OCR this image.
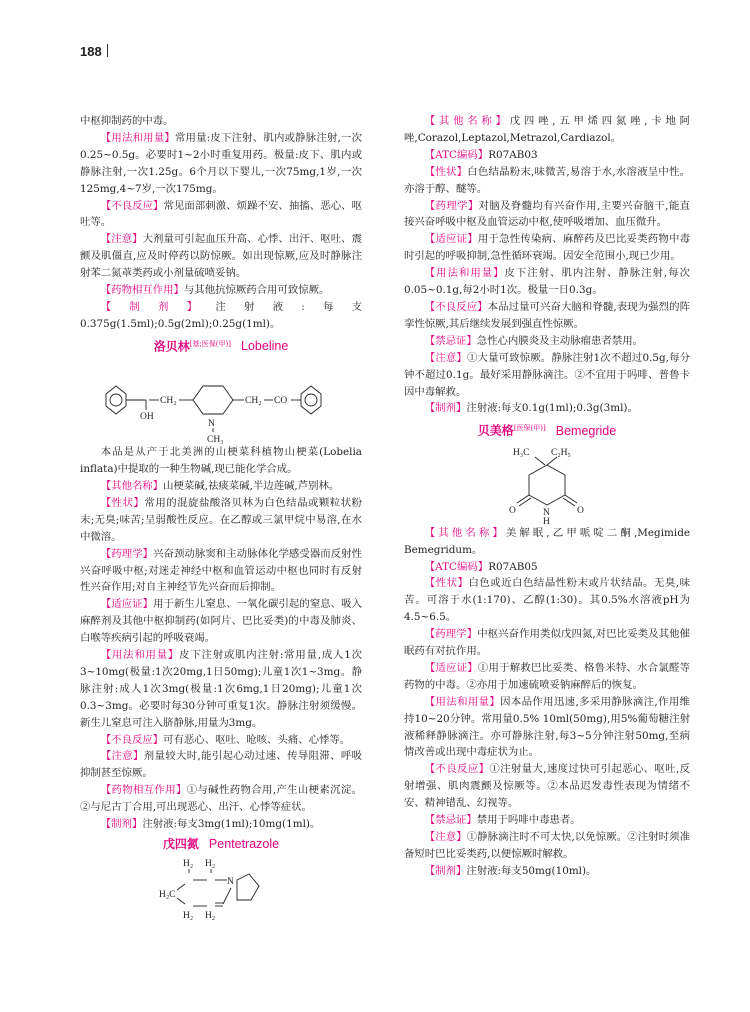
188

中枢抑制药的中毒。

【用法和用量】常用量:皮下注射、肌内或静脉注射,一次0.25~0.5g。必要时1~2小时重复用药。极量:皮下、肌内或静脉注射,一次1.25g。6个月以下婴儿,一次75mg,1岁,一次125mg,4~7岁,一次175mg。

【不良反应】常见面部刺激、烦躁不安、抽搐、恶心、呕吐等。

【注意】大剂量可引起血压升高、心悸、出汗、呕吐、震颤及肌僵直,应及时停药以防惊厥。如出现惊厥,应及时静脉注射苯二氮䓬类药或小剂量硫喷妥钠。

【药物相互作用】与其他抗惊厥药合用可致惊厥。

【制剂】注射液:每支0.375g(1.5ml);0.5g(2ml);0.25g(1ml)。

洛贝林[基;医保(甲)] Lobeline
OH
CH₂
N
CH₃
CH₂ CO

本品是从产于北美洲的山梗菜科植物山梗菜(Lobelia inflata)中提取的一种生物碱,现已能化学合成。

【其他名称】山梗菜碱,祛痰菜碱,半边莲碱,芦别林。

【性状】常用的混旋盐酸洛贝林为白色结晶或颗粒状粉末;无臭;味苦;呈弱酸性反应。在乙醇或三氯甲烷中易溶,在水中微溶。

【药理学】兴奋颈动脉窦和主动脉体化学感受器而反射性兴奋呼吸中枢;对迷走神经中枢和血管运动中枢也同时有反射性兴奋作用;对自主神经节先兴奋而后抑制。

【适应证】用于新生儿窒息、一氧化碳引起的窒息、吸入麻醉剂及其他中枢抑制药(如阿片、巴比妥类)的中毒及肺炎、白喉等疾病引起的呼吸衰竭。

【用法和用量】皮下注射或肌内注射:常用量,成人1次3~10mg(极量:1次20mg,1日50mg);儿童1次1~3mg。静脉注射:成人1次3mg(极量:1次6mg,1日20mg);儿童1次0.3~3mg。必要时每30分钟可重复1次。静脉注射须缓慢。新生儿窒息可注入脐静脉,用量为3mg。

【不良反应】可有恶心、呕吐、呛咳、头痛、心悸等。

【注意】剂量较大时,能引起心动过速、传导阻滞、呼吸抑制甚至惊厥。

【药物相互作用】①与碱性药物合用,产生山梗素沉淀。②与尼古丁合用,可出现恶心、出汗、心悸等症状。

【制剂】注射液:每支3mg(1ml);10mg(1ml)。

戊四氮 Pentetrazole
H₂ H₂
N
H₂C
H₂ H₂

【其他名称】戊四唑,五甲烯四氮唑,卡地阿唑,Corazol,Leptazol,Metrazol,Cardiazol。

【ATC编码】R07AB03

【性状】白色结晶粉末,味微苦,易溶于水,水溶液呈中性。亦溶于醇、醚等。

【药理学】对脑及脊髓均有兴奋作用,主要兴奋脑干,能直接兴奋呼吸中枢及血管运动中枢,使呼吸增加、血压微升。

【适应证】用于急性传染病、麻醉药及巴比妥类药物中毒时引起的呼吸抑制,急性循环衰竭。因安全范围小,现已少用。

【用法和用量】皮下注射、肌内注射、静脉注射,每次0.05~0.1g,每2小时1次。极量一日0.3g。

【不良反应】本品过量可兴奋大脑和脊髓,表现为强烈的阵挛性惊厥,其后继续发展到强直性惊厥。

【禁忌证】急性心内膜炎及主动脉瘤患者禁用。

【注意】①大量可致惊厥。静脉注射1次不超过0.5g,每分钟不超过0.1g。最好采用静脉滴注。②不宜用于吗啡、普鲁卡因中毒解救。

【制剂】注射液:每支0.1g(1ml);0.3g(3ml)。

贝美格[医保(甲)] Bemegride
H₃C C₂H₅
O	O
N
H

【其他名称】美解眠,乙甲哌啶二酮,Megimide Bemegridum。

【ATC编码】R07AB05

【性状】白色或近白色结晶性粉末或片状结晶。无臭,味苦。可溶于水(1:170)、乙醇(1:30)。其0.5%水溶液pH为4.5~6.5。

【药理学】中枢兴奋作用类似戊四氮,对巴比妥类及其他催眠药有对抗作用。

【适应证】①用于解救巴比妥类、格鲁米特、水合氯醛等药物的中毒。②亦用于加速硫喷妥钠麻醉后的恢复。

【用法和用量】因本品作用迅速,多采用静脉滴注,作用维持10~20分钟。常用量0.5% 10ml(50mg),用5%葡萄糖注射液稀释静脉滴注。亦可静脉注射,每3~5分钟注射50mg,至病情改善或出现中毒症状为止。

【不良反应】①注射量大,速度过快可引起恶心、呕吐,反射增强、肌肉震颤及惊厥等。②本品迟发毒性表现为情绪不安、精神错乱、幻视等。

【禁忌证】禁用于吗啡中毒患者。

【注意】①静脉滴注时不可太快,以免惊厥。②注射时须准备短时巴比妥类药,以便惊厥时解救。

【制剂】注射液:每支50mg(10ml)。
